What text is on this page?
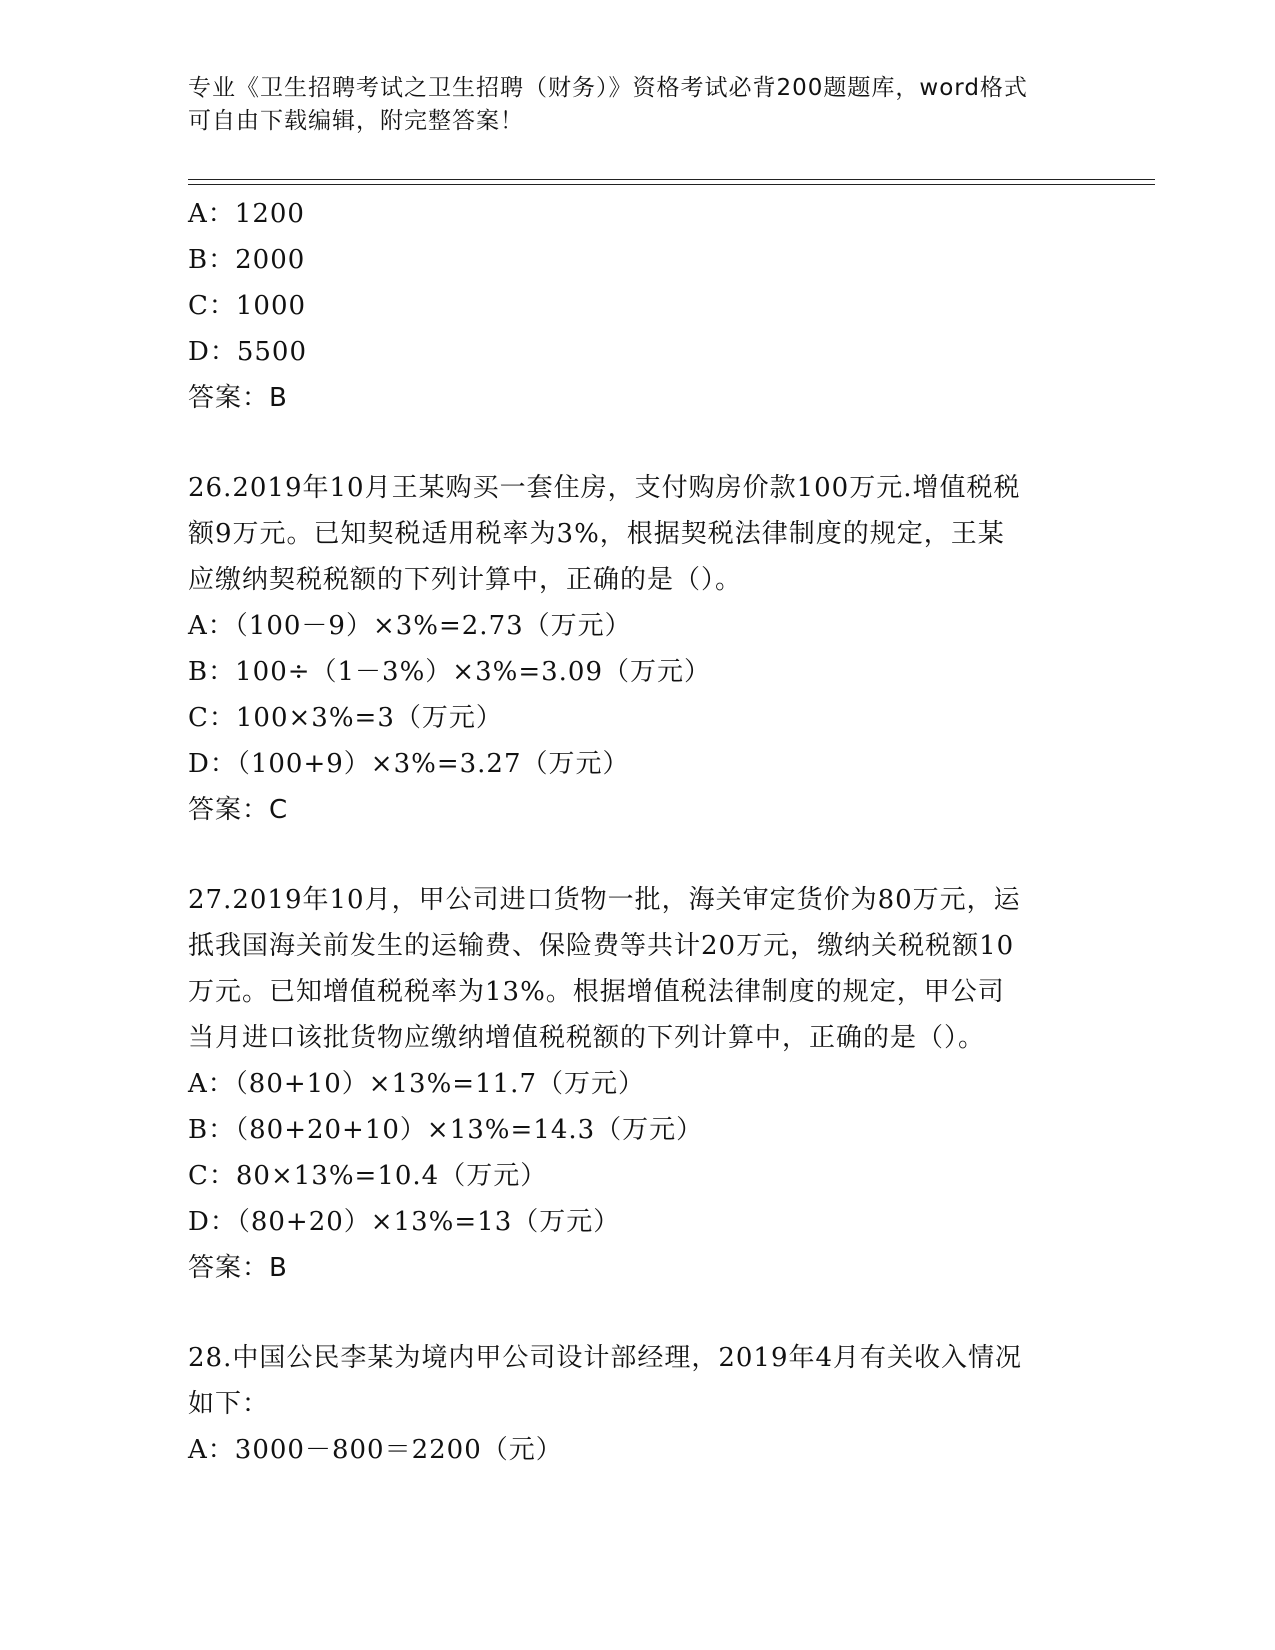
专业《卫生招聘考试之卫生招聘（财务）》资格考试必背200题题库，word格式
可自由下载编辑，附完整答案！
A：1200
B：2000
C：1000
D：5500
答案：B
26.2019年10月王某购买一套住房，支付购房价款100万元.增值税税
额9万元。已知契税适用税率为3%，根据契税法律制度的规定，王某
应缴纳契税税额的下列计算中，正确的是（）。
A：（100－9）×3%=2.73（万元）
B：100÷（1－3%）×3%=3.09（万元）
C：100×3%=3（万元）
D：（100+9）×3%=3.27（万元）
答案：C
27.2019年10月，甲公司进口货物一批，海关审定货价为80万元，运
抵我国海关前发生的运输费、保险费等共计20万元，缴纳关税税额10
万元。已知增值税税率为13%。根据增值税法律制度的规定，甲公司
当月进口该批货物应缴纳增值税税额的下列计算中，正确的是（）。
A：（80+10）×13%=11.7（万元）
B：（80+20+10）×13%=14.3（万元）
C：80×13%=10.4（万元）
D：（80+20）×13%=13（万元）
答案：B
28.中国公民李某为境内甲公司设计部经理，2019年4月有关收入情况
如下：
A：3000－800＝2200（元）
